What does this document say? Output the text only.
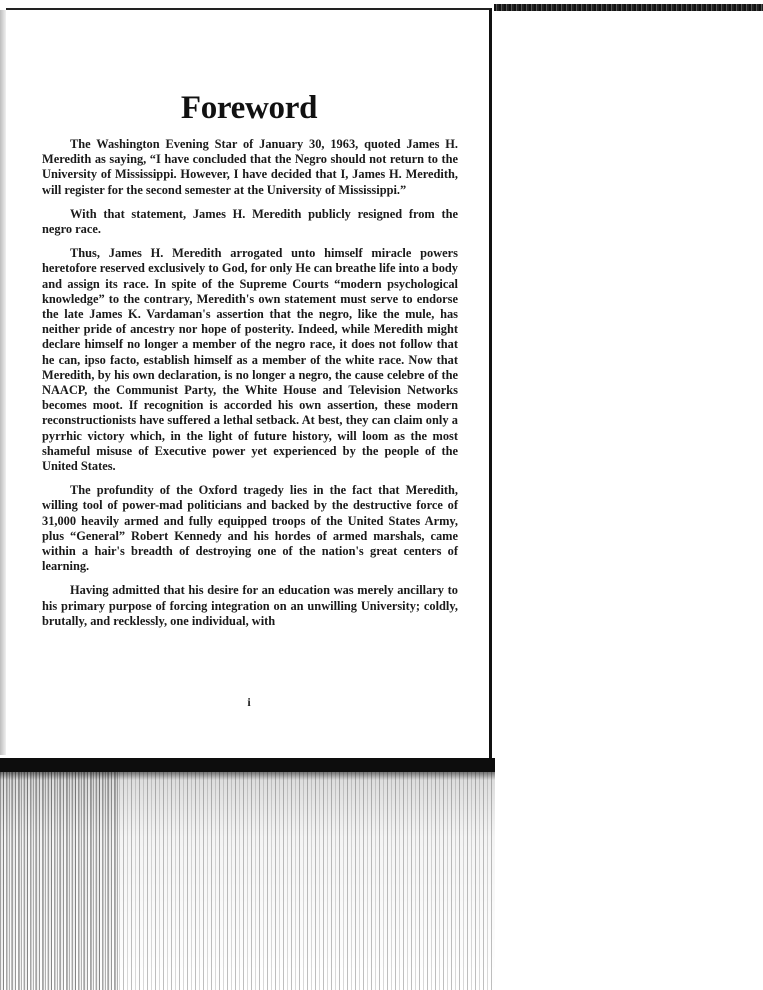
Foreword

The Washington Evening Star of January 30, 1963, quoted James H. Meredith as saying, “I have concluded that the Negro should not return to the University of Mississippi. However, I have decided that I, James H. Meredith, will register for the second semester at the University of Mississippi.”

With that statement, James H. Meredith publicly resigned from the negro race.

Thus, James H. Meredith arrogated unto himself miracle powers heretofore reserved exclusively to God, for only He can breathe life into a body and assign its race. In spite of the Supreme Courts “modern psychological knowledge” to the contrary, Meredith's own statement must serve to endorse the late James K. Vardaman's assertion that the negro, like the mule, has neither pride of ancestry nor hope of posterity. Indeed, while Meredith might declare himself no longer a member of the negro race, it does not follow that he can, ipso facto, establish himself as a member of the white race. Now that Meredith, by his own declaration, is no longer a negro, the cause celebre of the NAACP, the Communist Party, the White House and Television Networks becomes moot. If recognition is accorded his own assertion, these modern reconstructionists have suffered a lethal setback. At best, they can claim only a pyrrhic victory which, in the light of future history, will loom as the most shameful misuse of Executive power yet experienced by the people of the United States.

The profundity of the Oxford tragedy lies in the fact that Meredith, willing tool of power-mad politicians and backed by the destructive force of 31,000 heavily armed and fully equipped troops of the United States Army, plus “General” Robert Kennedy and his hordes of armed marshals, came within a hair's breadth of destroying one of the nation's great centers of learning.

Having admitted that his desire for an education was merely ancillary to his primary purpose of forcing integration on an unwilling University; coldly, brutally, and recklessly, one individual, with

i
